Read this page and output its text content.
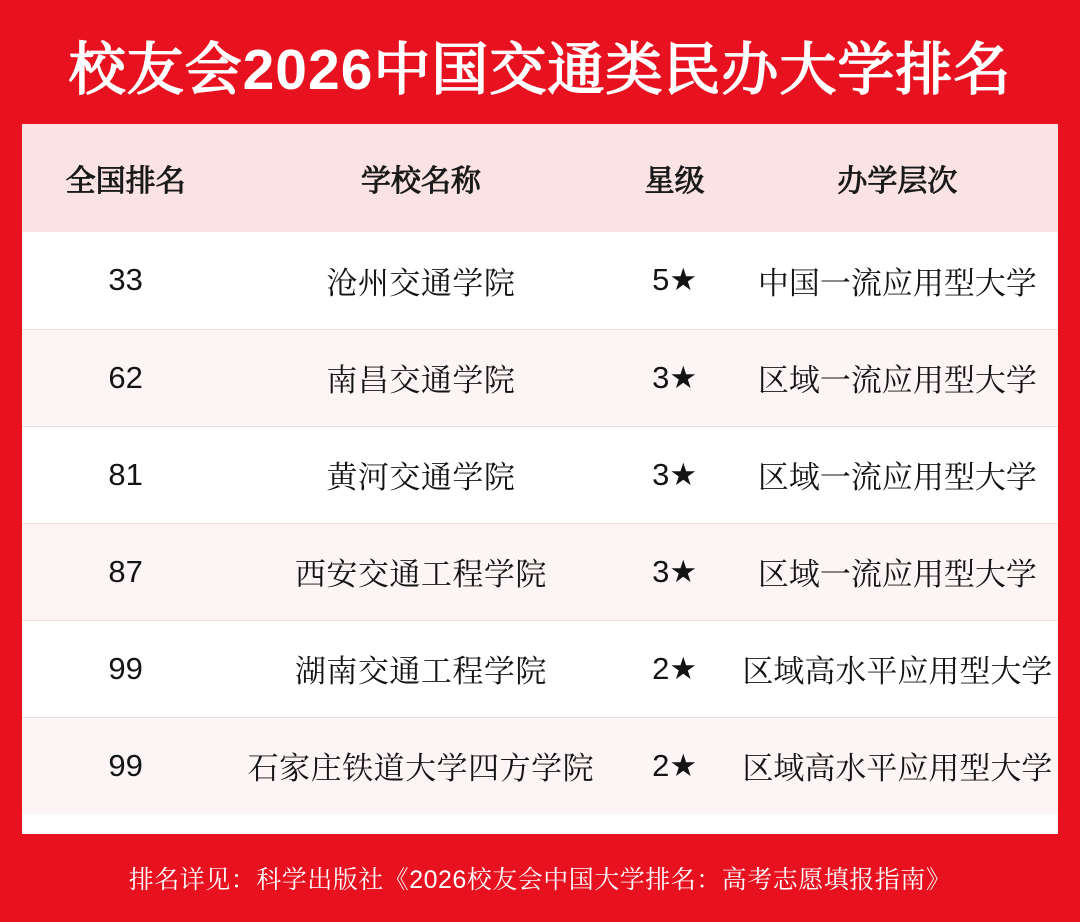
校友会2026中国交通类民办大学排名
全国排名	学校名称	星级	办学层次
33	沧州交通学院	5★	中国一流应用型大学
62	南昌交通学院	3★	区域一流应用型大学
81	黄河交通学院	3★	区域一流应用型大学
87	西安交通工程学院	3★	区域一流应用型大学
99	湖南交通工程学院	2★	区域高水平应用型大学
99	石家庄铁道大学四方学院	2★	区域高水平应用型大学
排名详见：科学出版社《2026校友会中国大学排名：高考志愿填报指南》
